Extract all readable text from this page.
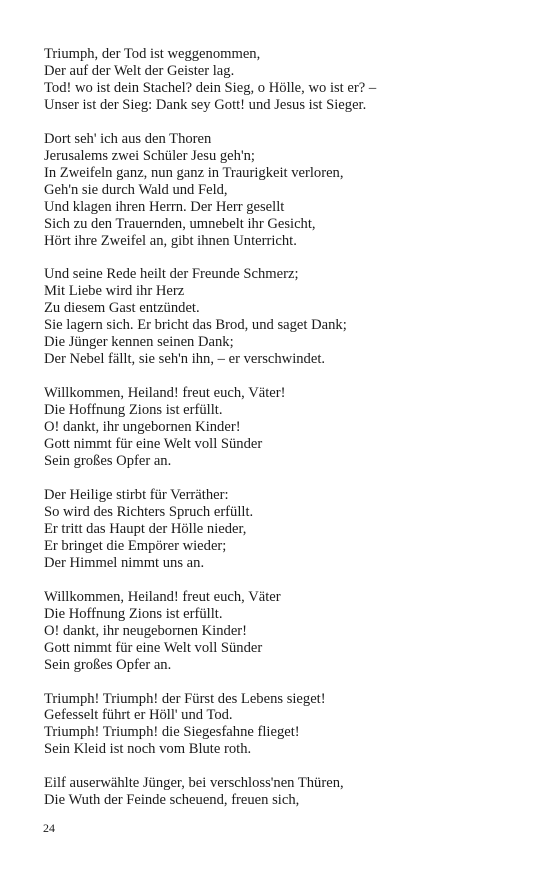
Triumph, der Tod ist weggenommen,
Der auf der Welt der Geister lag.
Tod! wo ist dein Stachel? dein Sieg, o Hölle, wo ist er? –
Unser ist der Sieg: Dank sey Gott! und Jesus ist Sieger.
Dort seh' ich aus den Thoren
Jerusalems zwei Schüler Jesu geh'n;
In Zweifeln ganz, nun ganz in Traurigkeit verloren,
Geh'n sie durch Wald und Feld,
Und klagen ihren Herrn. Der Herr gesellt
Sich zu den Trauernden, umnebelt ihr Gesicht,
Hört ihre Zweifel an, gibt ihnen Unterricht.
Und seine Rede heilt der Freunde Schmerz;
Mit Liebe wird ihr Herz
Zu diesem Gast entzündet.
Sie lagern sich. Er bricht das Brod, und saget Dank;
Die Jünger kennen seinen Dank;
Der Nebel fällt, sie seh'n ihn, – er verschwindet.
Willkommen, Heiland! freut euch, Väter!
Die Hoffnung Zions ist erfüllt.
O! dankt, ihr ungebornen Kinder!
Gott nimmt für eine Welt voll Sünder
Sein großes Opfer an.
Der Heilige stirbt für Verräther:
So wird des Richters Spruch erfüllt.
Er tritt das Haupt der Hölle nieder,
Er bringet die Empörer wieder;
Der Himmel nimmt uns an.
Willkommen, Heiland! freut euch, Väter
Die Hoffnung Zions ist erfüllt.
O! dankt, ihr neugebornen Kinder!
Gott nimmt für eine Welt voll Sünder
Sein großes Opfer an.
Triumph! Triumph! der Fürst des Lebens sieget!
Gefesselt führt er Höll' und Tod.
Triumph! Triumph! die Siegesfahne flieget!
Sein Kleid ist noch vom Blute roth.
Eilf auserwählte Jünger, bei verschloss'nen Thüren,
Die Wuth der Feinde scheuend, freuen sich,
24
